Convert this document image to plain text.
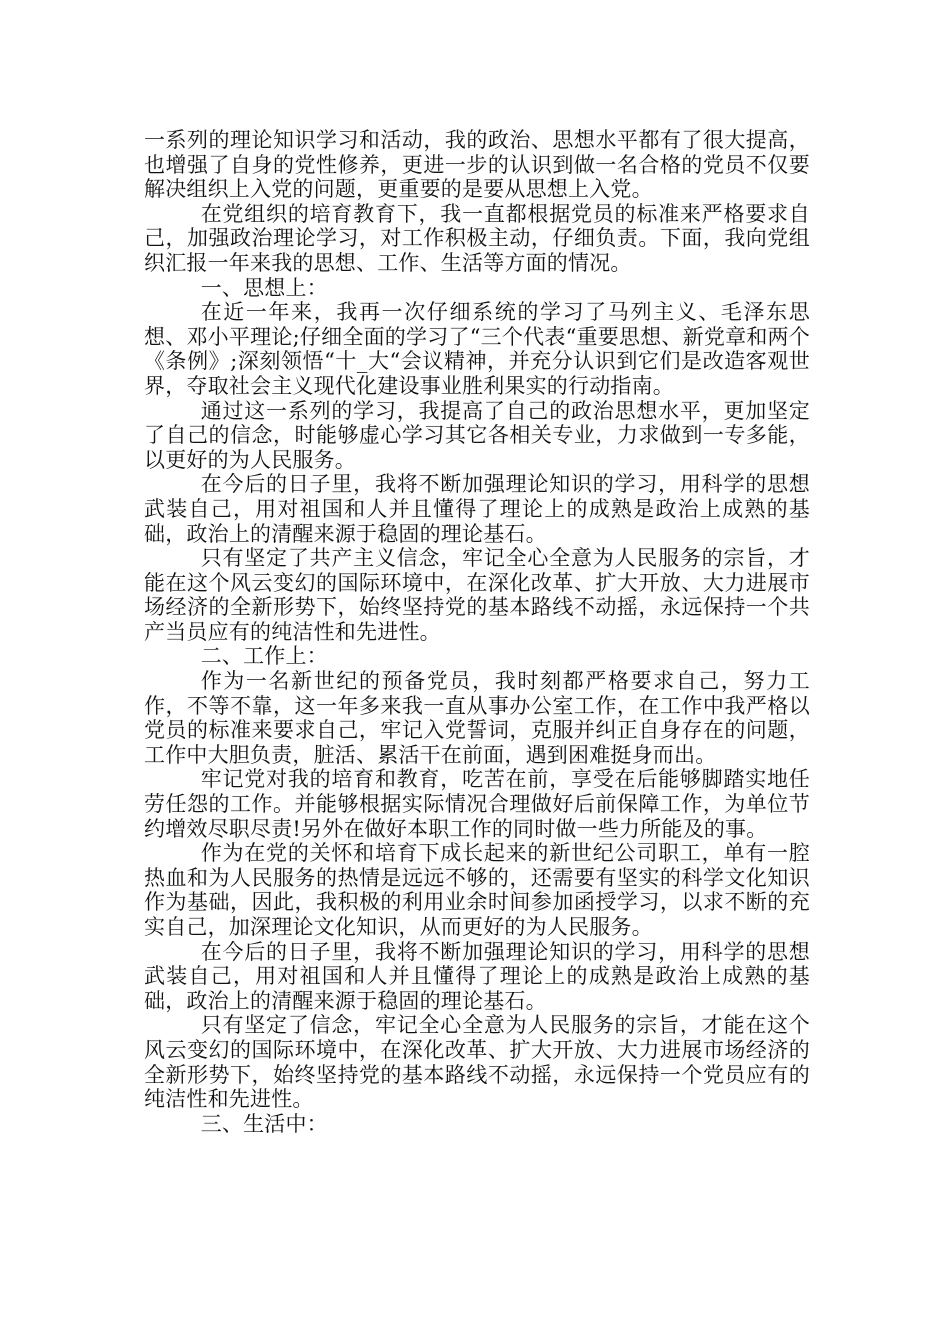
一系列的理论知识学习和活动，我的政治、思想水平都有了很大提高，也增强了自身的党性修养，更进一步的认识到做一名合格的党员不仅要解决组织上入党的问题，更重要的是要从思想上入党。

在党组织的培育教育下，我一直都根据党员的标准来严格要求自己，加强政治理论学习，对工作积极主动，仔细负责。下面，我向党组织汇报一年来我的思想、工作、生活等方面的情况。

一、思想上：

在近一年来，我再一次仔细系统的学习了马列主义、毛泽东思想、邓小平理论;仔细全面的学习了“三个代表“重要思想、新党章和两个《条例》;深刻领悟“十_大“会议精神，并充分认识到它们是改造客观世界，夺取社会主义现代化建设事业胜利果实的行动指南。

通过这一系列的学习，我提高了自己的政治思想水平，更加坚定了自己的信念，时能够虚心学习其它各相关专业，力求做到一专多能，以更好的为人民服务。

在今后的日子里，我将不断加强理论知识的学习，用科学的思想武装自己，用对祖国和人并且懂得了理论上的成熟是政治上成熟的基础，政治上的清醒来源于稳固的理论基石。

只有坚定了共产主义信念，牢记全心全意为人民服务的宗旨，才能在这个风云变幻的国际环境中，在深化改革、扩大开放、大力进展市场经济的全新形势下，始终坚持党的基本路线不动摇，永远保持一个共产当员应有的纯洁性和先进性。

二、工作上：

作为一名新世纪的预备党员，我时刻都严格要求自己，努力工作，不等不靠，这一年多来我一直从事办公室工作，在工作中我严格以党员的标准来要求自己，牢记入党誓词，克服并纠正自身存在的问题，工作中大胆负责，脏活、累活干在前面，遇到困难挺身而出。

牢记党对我的培育和教育，吃苦在前，享受在后能够脚踏实地任劳任怨的工作。并能够根据实际情况合理做好后前保障工作，为单位节约增效尽职尽责!另外在做好本职工作的同时做一些力所能及的事。

作为在党的关怀和培育下成长起来的新世纪公司职工，单有一腔热血和为人民服务的热情是远远不够的，还需要有坚实的科学文化知识作为基础，因此，我积极的利用业余时间参加函授学习，以求不断的充实自己，加深理论文化知识，从而更好的为人民服务。

在今后的日子里，我将不断加强理论知识的学习，用科学的思想武装自己，用对祖国和人并且懂得了理论上的成熟是政治上成熟的基础，政治上的清醒来源于稳固的理论基石。

只有坚定了信念，牢记全心全意为人民服务的宗旨，才能在这个风云变幻的国际环境中，在深化改革、扩大开放、大力进展市场经济的全新形势下，始终坚持党的基本路线不动摇，永远保持一个党员应有的纯洁性和先进性。

三、生活中：
